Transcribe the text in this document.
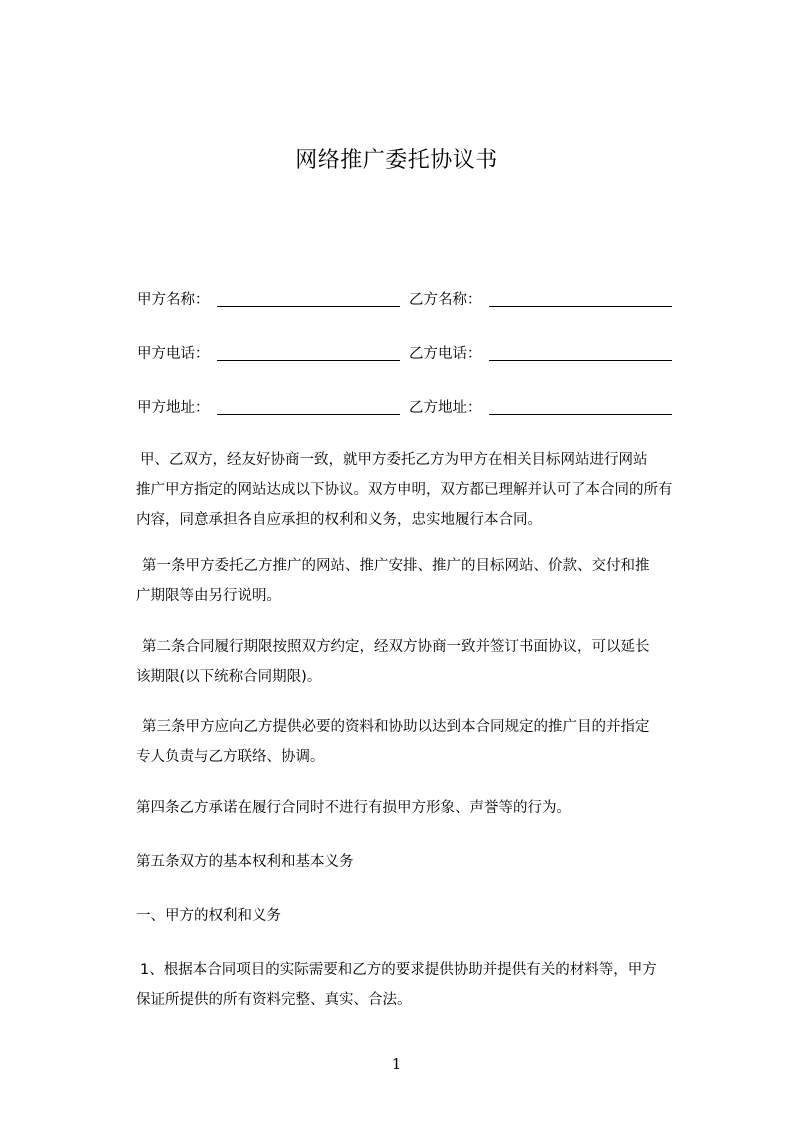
网络推广委托协议书
甲方名称：	乙方名称：
甲方电话：	乙方电话：
甲方地址：	乙方地址：
甲、乙双方，经友好协商一致，就甲方委托乙方为甲方在相关目标网站进行网站
推广甲方指定的网站达成以下协议。双方申明，双方都已理解并认可了本合同的所有
内容，同意承担各自应承担的权利和义务，忠实地履行本合同。
第一条甲方委托乙方推广的网站、推广安排、推广的目标网站、价款、交付和推
广期限等由另行说明。
第二条合同履行期限按照双方约定，经双方协商一致并签订书面协议，可以延长
该期限(以下统称合同期限)。
第三条甲方应向乙方提供必要的资料和协助以达到本合同规定的推广目的并指定
专人负责与乙方联络、协调。
第四条乙方承诺在履行合同时不进行有损甲方形象、声誉等的行为。
第五条双方的基本权利和基本义务
一、甲方的权利和义务
1、根据本合同项目的实际需要和乙方的要求提供协助并提供有关的材料等，甲方
保证所提供的所有资料完整、真实、合法。
1
